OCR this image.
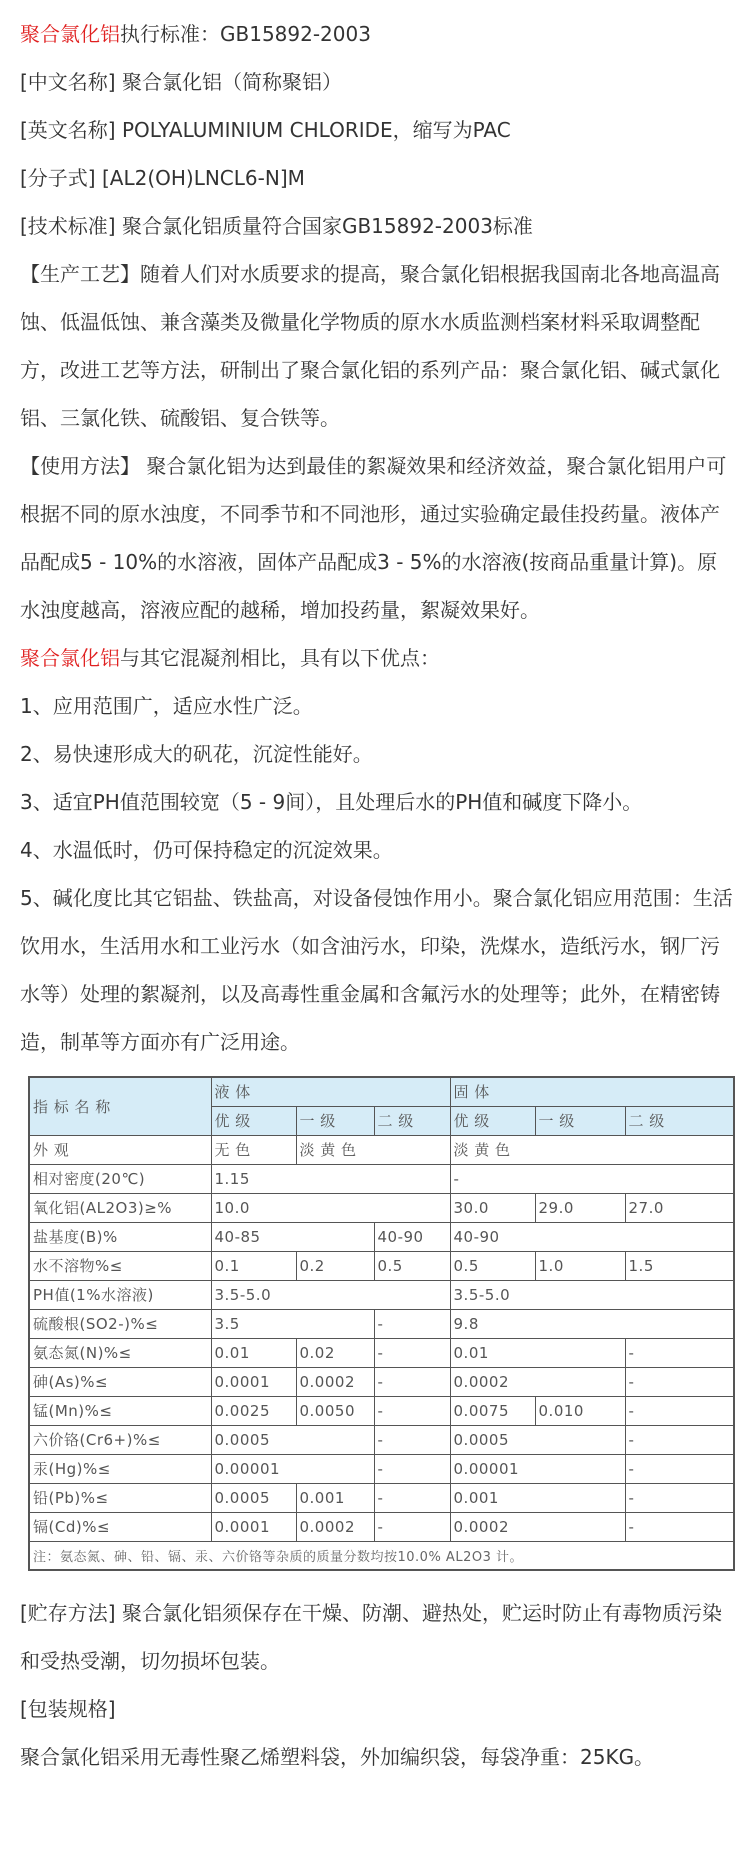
聚合氯化铝执行标准：GB15892-2003

[中文名称] 聚合氯化铝（简称聚铝）

[英文名称] POLYALUMINIUM CHLORIDE，缩写为PAC

[分子式] [AL2(OH)LNCL6-N]M

[技术标准] 聚合氯化铝质量符合国家GB15892-2003标准

【生产工艺】随着人们对水质要求的提高，聚合氯化铝根据我国南北各地高温高蚀、低温低蚀、兼含藻类及微量化学物质的原水水质监测档案材料采取调整配方，改进工艺等方法，研制出了聚合氯化铝的系列产品：聚合氯化铝、碱式氯化铝、三氯化铁、硫酸铝、复合铁等。

【使用方法】 聚合氯化铝为达到最佳的絮凝效果和经济效益，聚合氯化铝用户可根据不同的原水浊度，不同季节和不同池形，通过实验确定最佳投药量。液体产品配成5 - 10%的水溶液，固体产品配成3 - 5%的水溶液(按商品重量计算)。原水浊度越高，溶液应配的越稀，增加投药量，絮凝效果好。

聚合氯化铝与其它混凝剂相比，具有以下优点：

1、应用范围广，适应水性广泛。

2、易快速形成大的矾花，沉淀性能好。

3、适宜PH值范围较宽（5 - 9间），且处理后水的PH值和碱度下降小。

4、水温低时，仍可保持稳定的沉淀效果。

5、碱化度比其它铝盐、铁盐高，对设备侵蚀作用小。聚合氯化铝应用范围：生活饮用水，生活用水和工业污水（如含油污水，印染，洗煤水，造纸污水，钢厂污水等）处理的絮凝剂，以及高毒性重金属和含氟污水的处理等；此外，在精密铸造，制革等方面亦有广泛用途。

指 标 名 称	液 体			固 体		
	优 级	一 级	二 级	优 级	一 级	二 级
外 观	无 色	淡 黄 色		淡 黄 色		
相对密度(20℃)	1.15			-		
氧化铝(AL2O3)≥%	10.0			30.0	29.0	27.0
盐基度(B)%	40-85		40-90	40-90		
水不溶物%≤	0.1	0.2	0.5	0.5	1.0	1.5
PH值(1%水溶液)	3.5-5.0			3.5-5.0		
硫酸根(SO2-)%≤	3.5		-	9.8		
氨态氮(N)%≤	0.01	0.02	-	0.01		-
砷(As)%≤	0.0001	0.0002	-	0.0002		-
锰(Mn)%≤	0.0025	0.0050	-	0.0075	0.010	-
六价铬(Cr6+)%≤	0.0005		-	0.0005		-
汞(Hg)%≤	0.00001		-	0.00001		-
铅(Pb)%≤	0.0005	0.001	-	0.001		-
镉(Cd)%≤	0.0001	0.0002	-	0.0002		-
注：氨态氮、砷、铅、镉、汞、六价铬等杂质的质量分数均按10.0% AL2O3 计。						

[贮存方法] 聚合氯化铝须保存在干燥、防潮、避热处，贮运时防止有毒物质污染和受热受潮，切勿损坏包装。

[包装规格]

聚合氯化铝采用无毒性聚乙烯塑料袋，外加编织袋，每袋净重：25KG。
